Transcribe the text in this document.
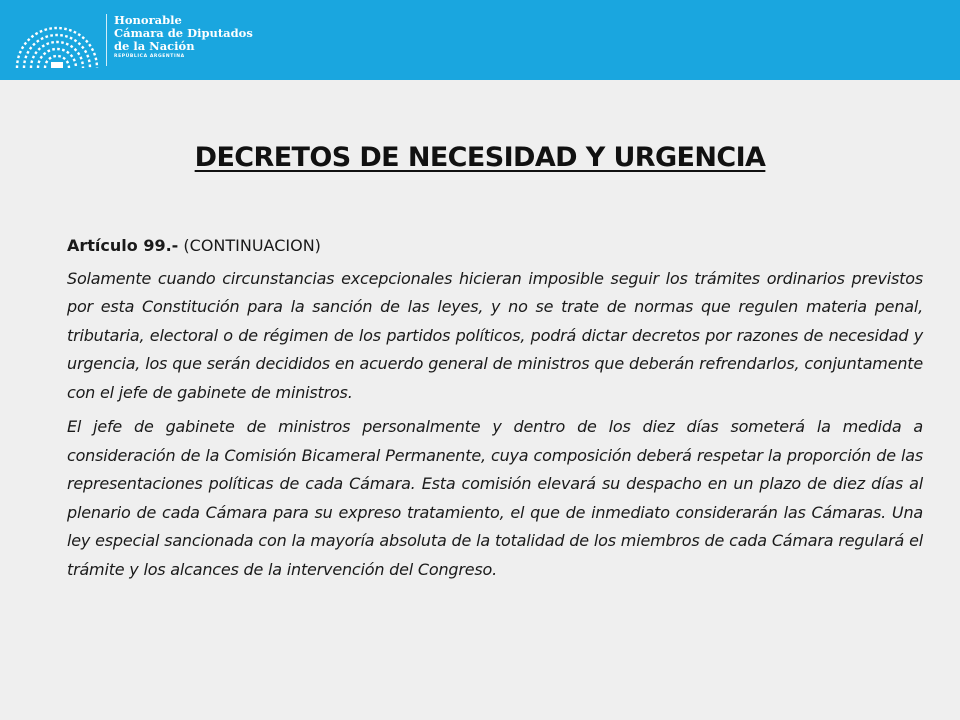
Honorable
Cámara de Diputados
de la Nación
REPÚBLICA ARGENTINA
DECRETOS DE NECESIDAD Y URGENCIA

Artículo 99.- (CONTINUACION)

Solamente cuando circunstancias excepcionales hicieran imposible seguir los trámites ordinarios previstos por esta Constitución para la sanción de las leyes, y no se trate de normas que regulen materia penal, tributaria, electoral o de régimen de los partidos políticos, podrá dictar decretos por razones de necesidad y urgencia, los que serán decididos en acuerdo general de ministros que deberán refrendarlos, conjuntamente con el jefe de gabinete de ministros.

El jefe de gabinete de ministros personalmente y dentro de los diez días someterá la medida a consideración de la Comisión Bicameral Permanente, cuya composición deberá respetar la proporción de las representaciones políticas de cada Cámara. Esta comisión elevará su despacho en un plazo de diez días al plenario de cada Cámara para su expreso tratamiento, el que de inmediato considerarán las Cámaras. Una ley especial sancionada con la mayoría absoluta de la totalidad de los miembros de cada Cámara regulará el trámite y los alcances de la intervención del Congreso.
